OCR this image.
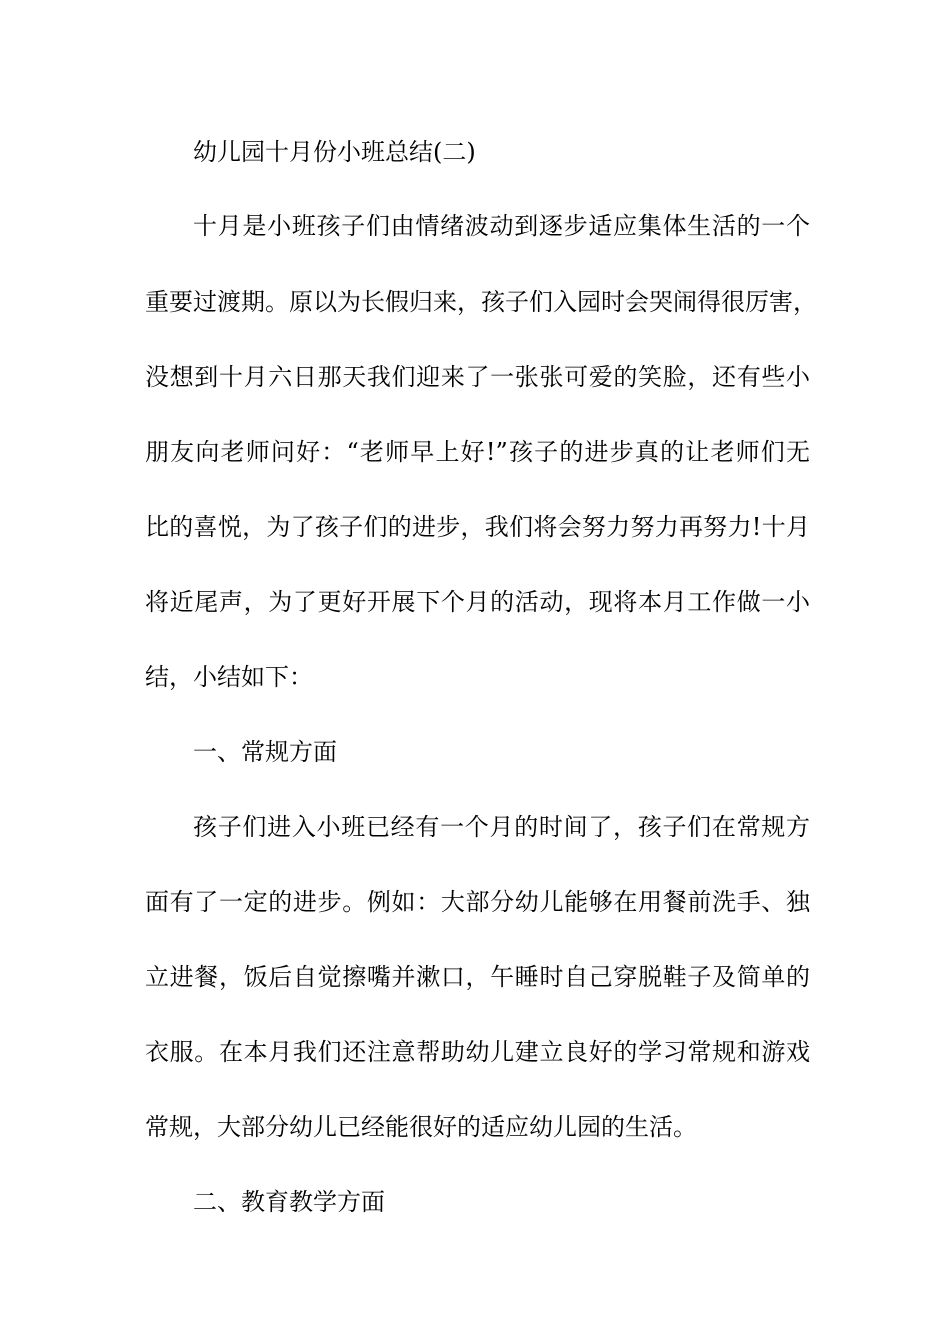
幼儿园十月份小班总结(二)
十月是小班孩子们由情绪波动到逐步适应集体生活的一个
重要过渡期。原以为长假归来，孩子们入园时会哭闹得很厉害，
没想到十月六日那天我们迎来了一张张可爱的笑脸，还有些小
朋友向老师问好：“老师早上好!”孩子的进步真的让老师们无
比的喜悦，为了孩子们的进步，我们将会努力努力再努力!十月
将近尾声，为了更好开展下个月的活动，现将本月工作做一小
结，小结如下：
一、常规方面
孩子们进入小班已经有一个月的时间了，孩子们在常规方
面有了一定的进步。例如：大部分幼儿能够在用餐前洗手、独
立进餐，饭后自觉擦嘴并漱口，午睡时自己穿脱鞋子及简单的
衣服。在本月我们还注意帮助幼儿建立良好的学习常规和游戏
常规，大部分幼儿已经能很好的适应幼儿园的生活。
二、教育教学方面
